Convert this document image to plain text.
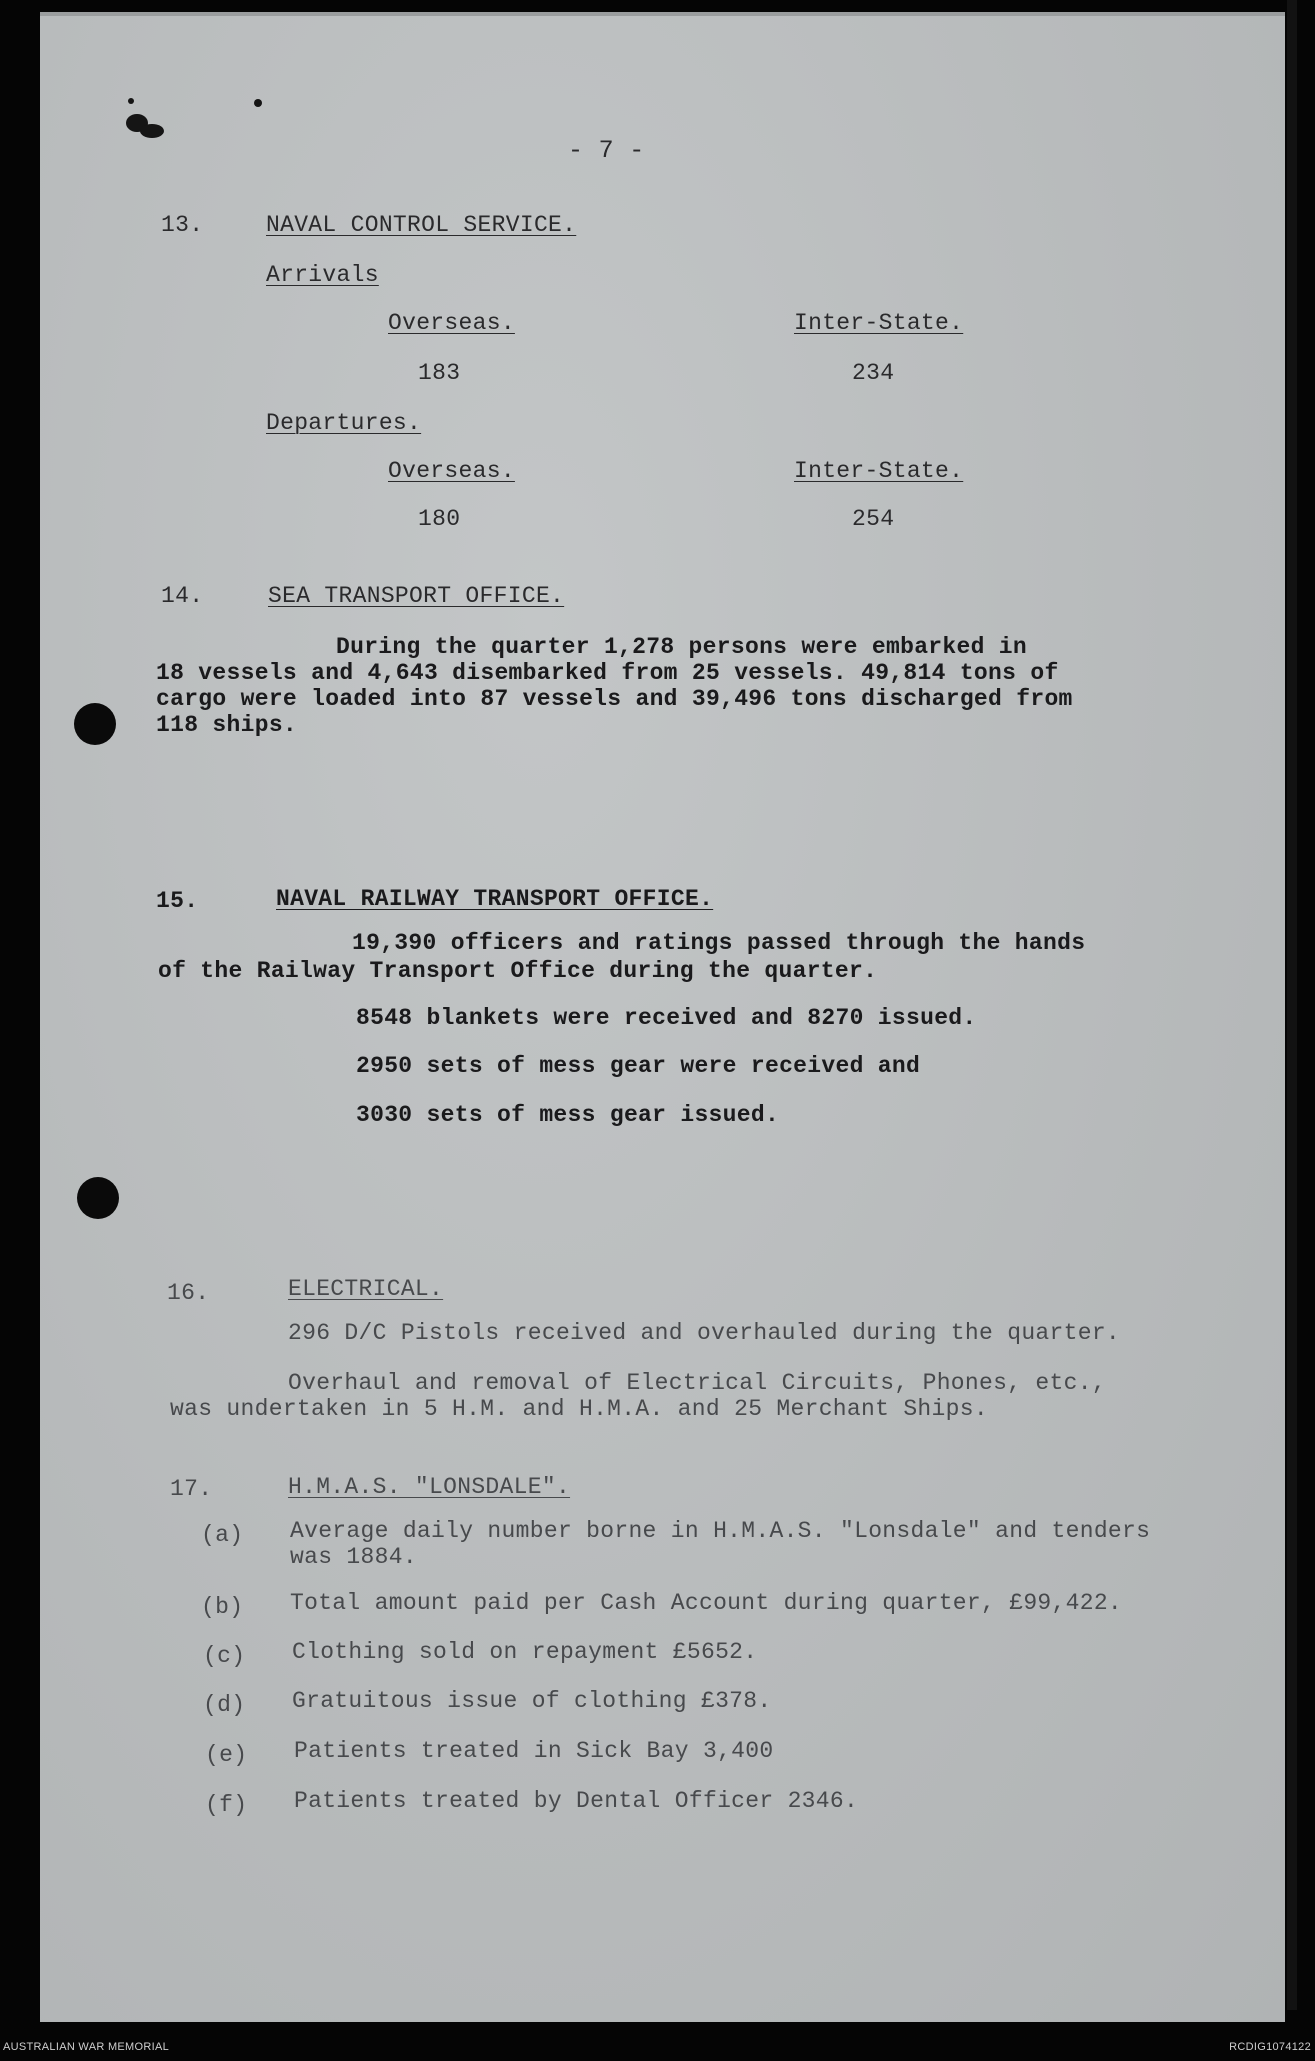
- 7 -
13.	NAVAL CONTROL SERVICE.
Arrivals
Overseas.	Inter-State.
183	234
Departures.
Overseas.	Inter-State.
180	254
14.	SEA TRANSPORT OFFICE.
During the quarter 1,278 persons were embarked in
18 vessels and 4,643 disembarked from 25 vessels. 49,814 tons of
cargo were loaded into 87 vessels and 39,496 tons discharged from
118 ships.
15.	NAVAL RAILWAY TRANSPORT OFFICE.
19,390 officers and ratings passed through the hands
of the Railway Transport Office during the quarter.
8548 blankets were received and 8270 issued.
2950 sets of mess gear were received and
3030 sets of mess gear issued.
16.	ELECTRICAL.
296 D/C Pistols received and overhauled during the quarter.
Overhaul and removal of Electrical Circuits, Phones, etc.,
was undertaken in 5 H.M. and H.M.A. and 25 Merchant Ships.
17.	H.M.A.S. "LONSDALE".
(a) Average daily number borne in H.M.A.S. "Lonsdale" and tenders
was 1884.
(b) Total amount paid per Cash Account during quarter, £99,422.
(c) Clothing sold on repayment £5652.
(d) Gratuitous issue of clothing £378.
(e) Patients treated in Sick Bay 3,400
(f) Patients treated by Dental Officer 2346.
AUSTRALIAN WAR MEMORIAL	RCDIG1074122
